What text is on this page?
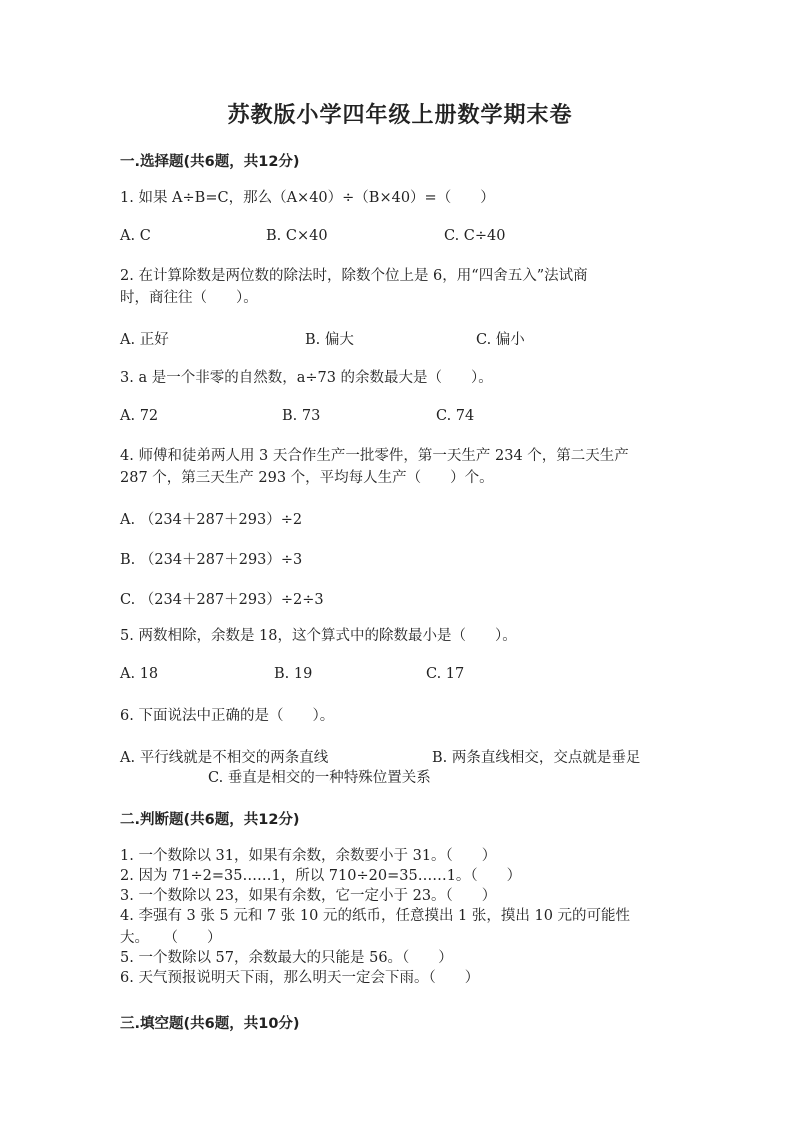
苏教版小学四年级上册数学期末卷
一.选择题(共6题，共12分)
1. 如果 A÷B=C，那么（A×40）÷（B×40）=（　　）
A. C	B. C×40	C. C÷40
2. 在计算除数是两位数的除法时，除数个位上是 6，用“四舍五入”法试商
时，商往往（　　）。
A. 正好	B. 偏大	C. 偏小
3. a 是一个非零的自然数，a÷73 的余数最大是（　　）。
A. 72	B. 73	C. 74
4. 师傅和徒弟两人用 3 天合作生产一批零件，第一天生产 234 个，第二天生产
287 个，第三天生产 293 个，平均每人生产（　　）个。
A. （234＋287＋293）÷2
B. （234＋287＋293）÷3
C. （234＋287＋293）÷2÷3
5. 两数相除，余数是 18，这个算式中的除数最小是（　　）。
A. 18	B. 19	C. 17
6. 下面说法中正确的是（　　）。
A. 平行线就是不相交的两条直线	B. 两条直线相交，交点就是垂足
C. 垂直是相交的一种特殊位置关系
二.判断题(共6题，共12分)
1. 一个数除以 31，如果有余数，余数要小于 31。（　　）
2. 因为 71÷2=35……1，所以 710÷20=35……1。（　　）
3. 一个数除以 23，如果有余数，它一定小于 23。（　　）
4. 李强有 3 张 5 元和 7 张 10 元的纸币，任意摸出 1 张，摸出 10 元的可能性
大。　　（　　）
5. 一个数除以 57，余数最大的只能是 56。（　　）
6. 天气预报说明天下雨，那么明天一定会下雨。（　　）
三.填空题(共6题，共10分)
